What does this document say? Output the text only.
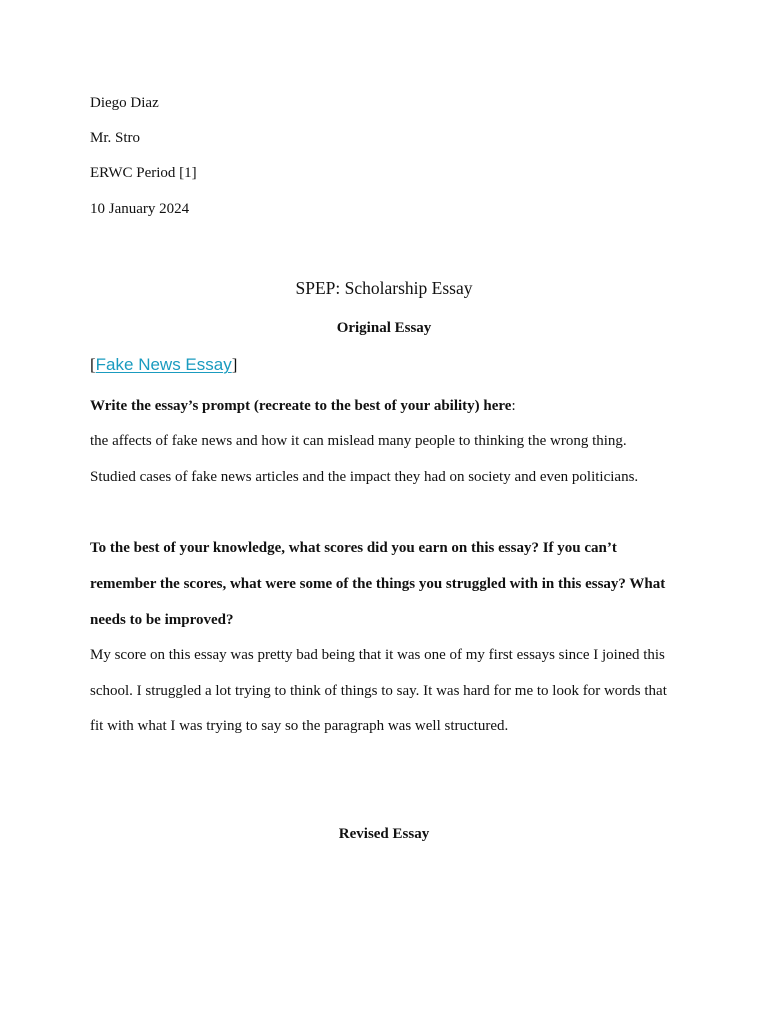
Diego Diaz
Mr. Stro
ERWC Period [1]
10 January 2024
SPEP: Scholarship Essay
Original Essay
[Fake News Essay]
Write the essay’s prompt (recreate to the best of your ability) here:
the affects of fake news and how it can mislead many people to thinking the wrong thing.
Studied cases of fake news articles and the impact they had on society and even politicians.
To the best of your knowledge, what scores did you earn on this essay? If you can’t
remember the scores, what were some of the things you struggled with in this essay? What
needs to be improved?
My score on this essay was pretty bad being that it was one of my first essays since I joined this
school. I struggled a lot trying to think of things to say. It was hard for me to look for words that
fit with what I was trying to say so the paragraph was well structured.
Revised Essay
